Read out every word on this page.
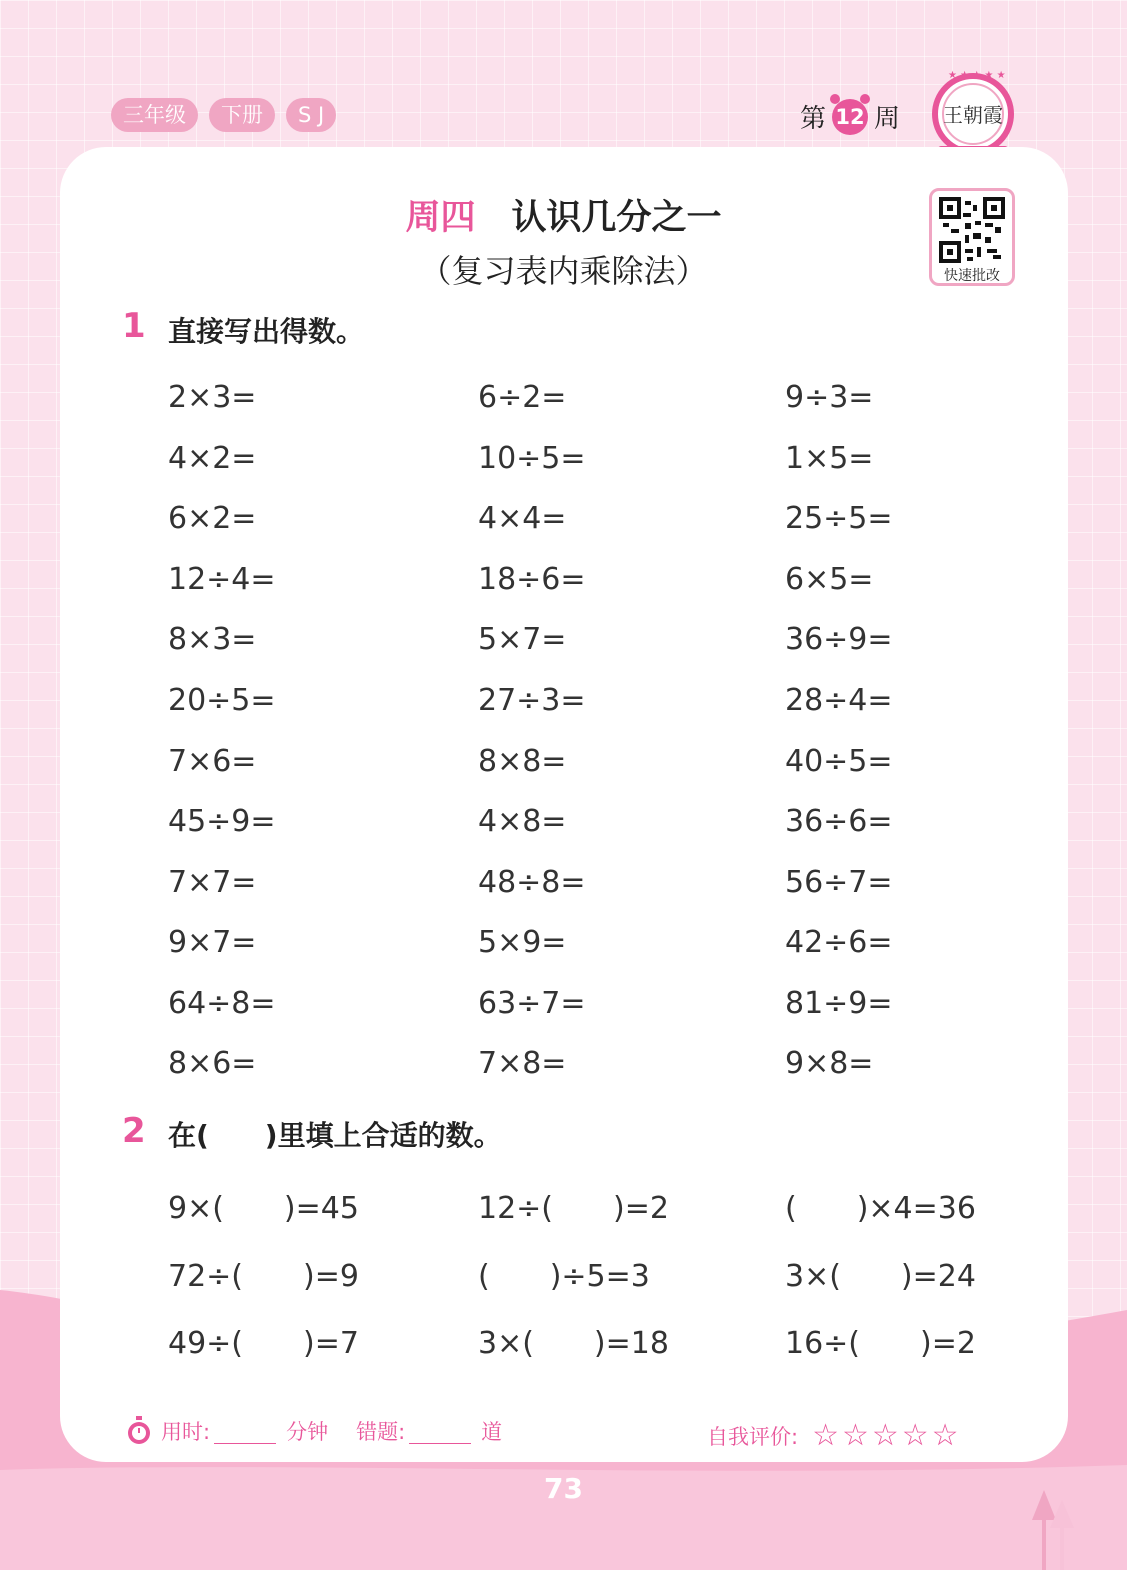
三年级	下册	S J	第 12 周 王朝霞
★ ★ ★ ★ ★
周四 认识几分之一
（复习表内乘除法）	快速批改
1 直接写出得数。
2×3=	6÷2=	9÷3=
4×2=	10÷5=	1×5=
6×2=	4×4=	25÷5=
12÷4=	18÷6=	6×5=
8×3=	5×7=	36÷9=
20÷5=	27÷3=	28÷4=
7×6=	8×8=	40÷5=
45÷9=	4×8=	36÷6=
7×7=	48÷8=	56÷7=
9×7=	5×9=	42÷6=
64÷8=	63÷7=	81÷9=
8×6=	7×8=	9×8=
2 在(　　)里填上合适的数。
9×(　　)=45	12÷(　　)=2	(　　)×4=36
72÷(　　)=9	(　　)÷5=3	3×(　　)=24
49÷(　　)=7	3×(　　)=18	16÷(　　)=2
用时:	分钟 错题:	道	自我评价: ☆☆☆☆☆
73
